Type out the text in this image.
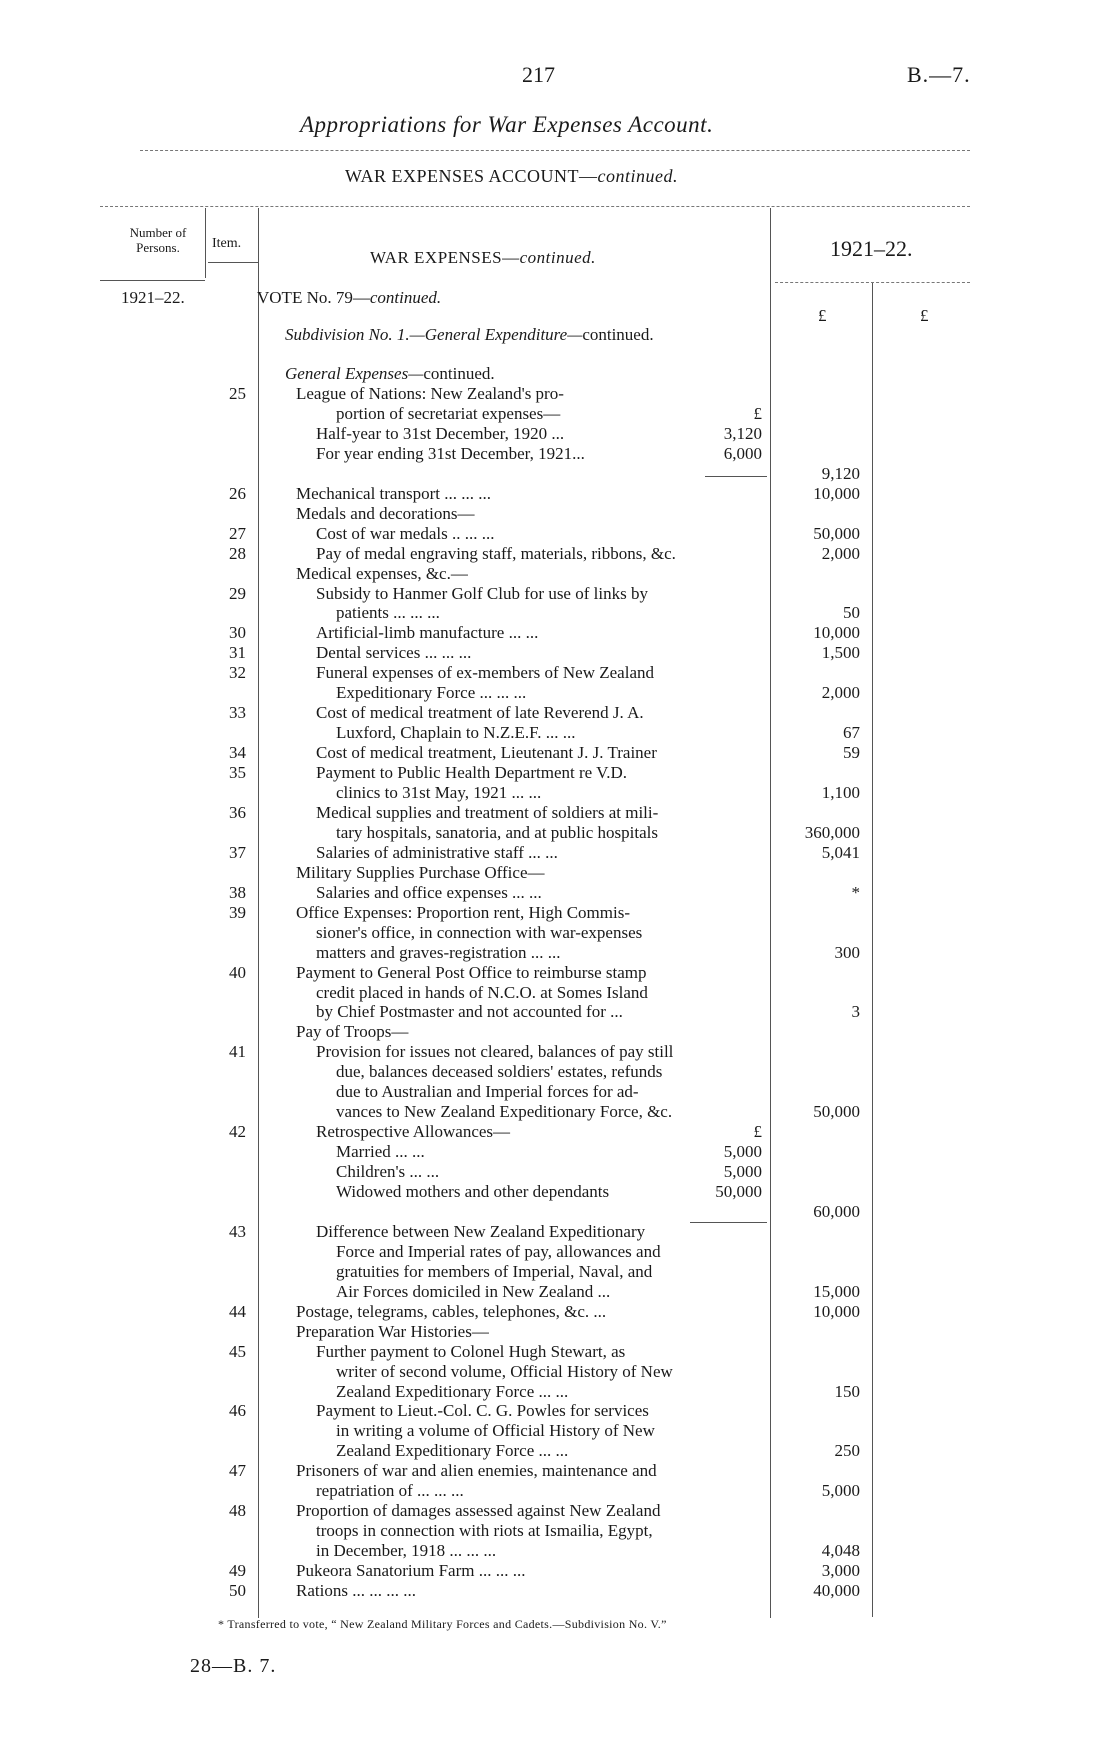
217	B.—7.
Appropriations for War Expenses Account.
WAR EXPENSES ACCOUNT—continued.
Number of Persons.	Item.
WAR EXPENSES—continued.	1921–22.
1921–22.	VOTE No. 79—continued.
£	£
Subdivision No. 1.—General Expenditure—continued.
General Expenses—continued.
25	League of Nations: New Zealand's pro-
portion of secretariat expenses—	£
Half-year to 31st December, 1920 ...	3,120
For year ending 31st December, 1921...	6,000
9,120
26	Mechanical transport ... ... ...	10,000
Medals and decorations—
27	Cost of war medals .. ... ...	50,000
28	Pay of medal engraving staff, materials, ribbons, &c.	2,000
Medical expenses, &c.—
29	Subsidy to Hanmer Golf Club for use of links by
patients ... ... ...	50
30	Artificial-limb manufacture ... ...	10,000
31	Dental services ... ... ...	1,500
32	Funeral expenses of ex-members of New Zealand
Expeditionary Force ... ... ...	2,000
33	Cost of medical treatment of late Reverend J. A.
Luxford, Chaplain to N.Z.E.F. ... ...	67
34	Cost of medical treatment, Lieutenant J. J. Trainer	59
35	Payment to Public Health Department re V.D.
clinics to 31st May, 1921 ... ...	1,100
36	Medical supplies and treatment of soldiers at mili-
tary hospitals, sanatoria, and at public hospitals	360,000
37	Salaries of administrative staff ... ...	5,041
Military Supplies Purchase Office—
38	Salaries and office expenses ... ...	*
39	Office Expenses: Proportion rent, High Commis-
sioner's office, in connection with war-expenses
matters and graves-registration ... ...	300
40	Payment to General Post Office to reimburse stamp
credit placed in hands of N.C.O. at Somes Island
by Chief Postmaster and not accounted for ...	3
Pay of Troops—
41	Provision for issues not cleared, balances of pay still
due, balances deceased soldiers' estates, refunds
due to Australian and Imperial forces for ad-
vances to New Zealand Expeditionary Force, &c.	50,000
42	Retrospective Allowances—	£
Married ... ...	5,000
Children's ... ...	5,000
Widowed mothers and other dependants	50,000
60,000
43	Difference between New Zealand Expeditionary
Force and Imperial rates of pay, allowances and
gratuities for members of Imperial, Naval, and
Air Forces domiciled in New Zealand ...	15,000
44	Postage, telegrams, cables, telephones, &c. ...	10,000
Preparation War Histories—
45	Further payment to Colonel Hugh Stewart, as
writer of second volume, Official History of New
Zealand Expeditionary Force ... ...	150
46	Payment to Lieut.-Col. C. G. Powles for services
in writing a volume of Official History of New
Zealand Expeditionary Force ... ...	250
47	Prisoners of war and alien enemies, maintenance and
repatriation of ... ... ...	5,000
48	Proportion of damages assessed against New Zealand
troops in connection with riots at Ismailia, Egypt,
in December, 1918 ... ... ...	4,048
49	Pukeora Sanatorium Farm ... ... ...	3,000
50	Rations ... ... ... ...	40,000
* Transferred to vote, “ New Zealand Military Forces and Cadets.—Subdivision No. V.”
28—B. 7.
